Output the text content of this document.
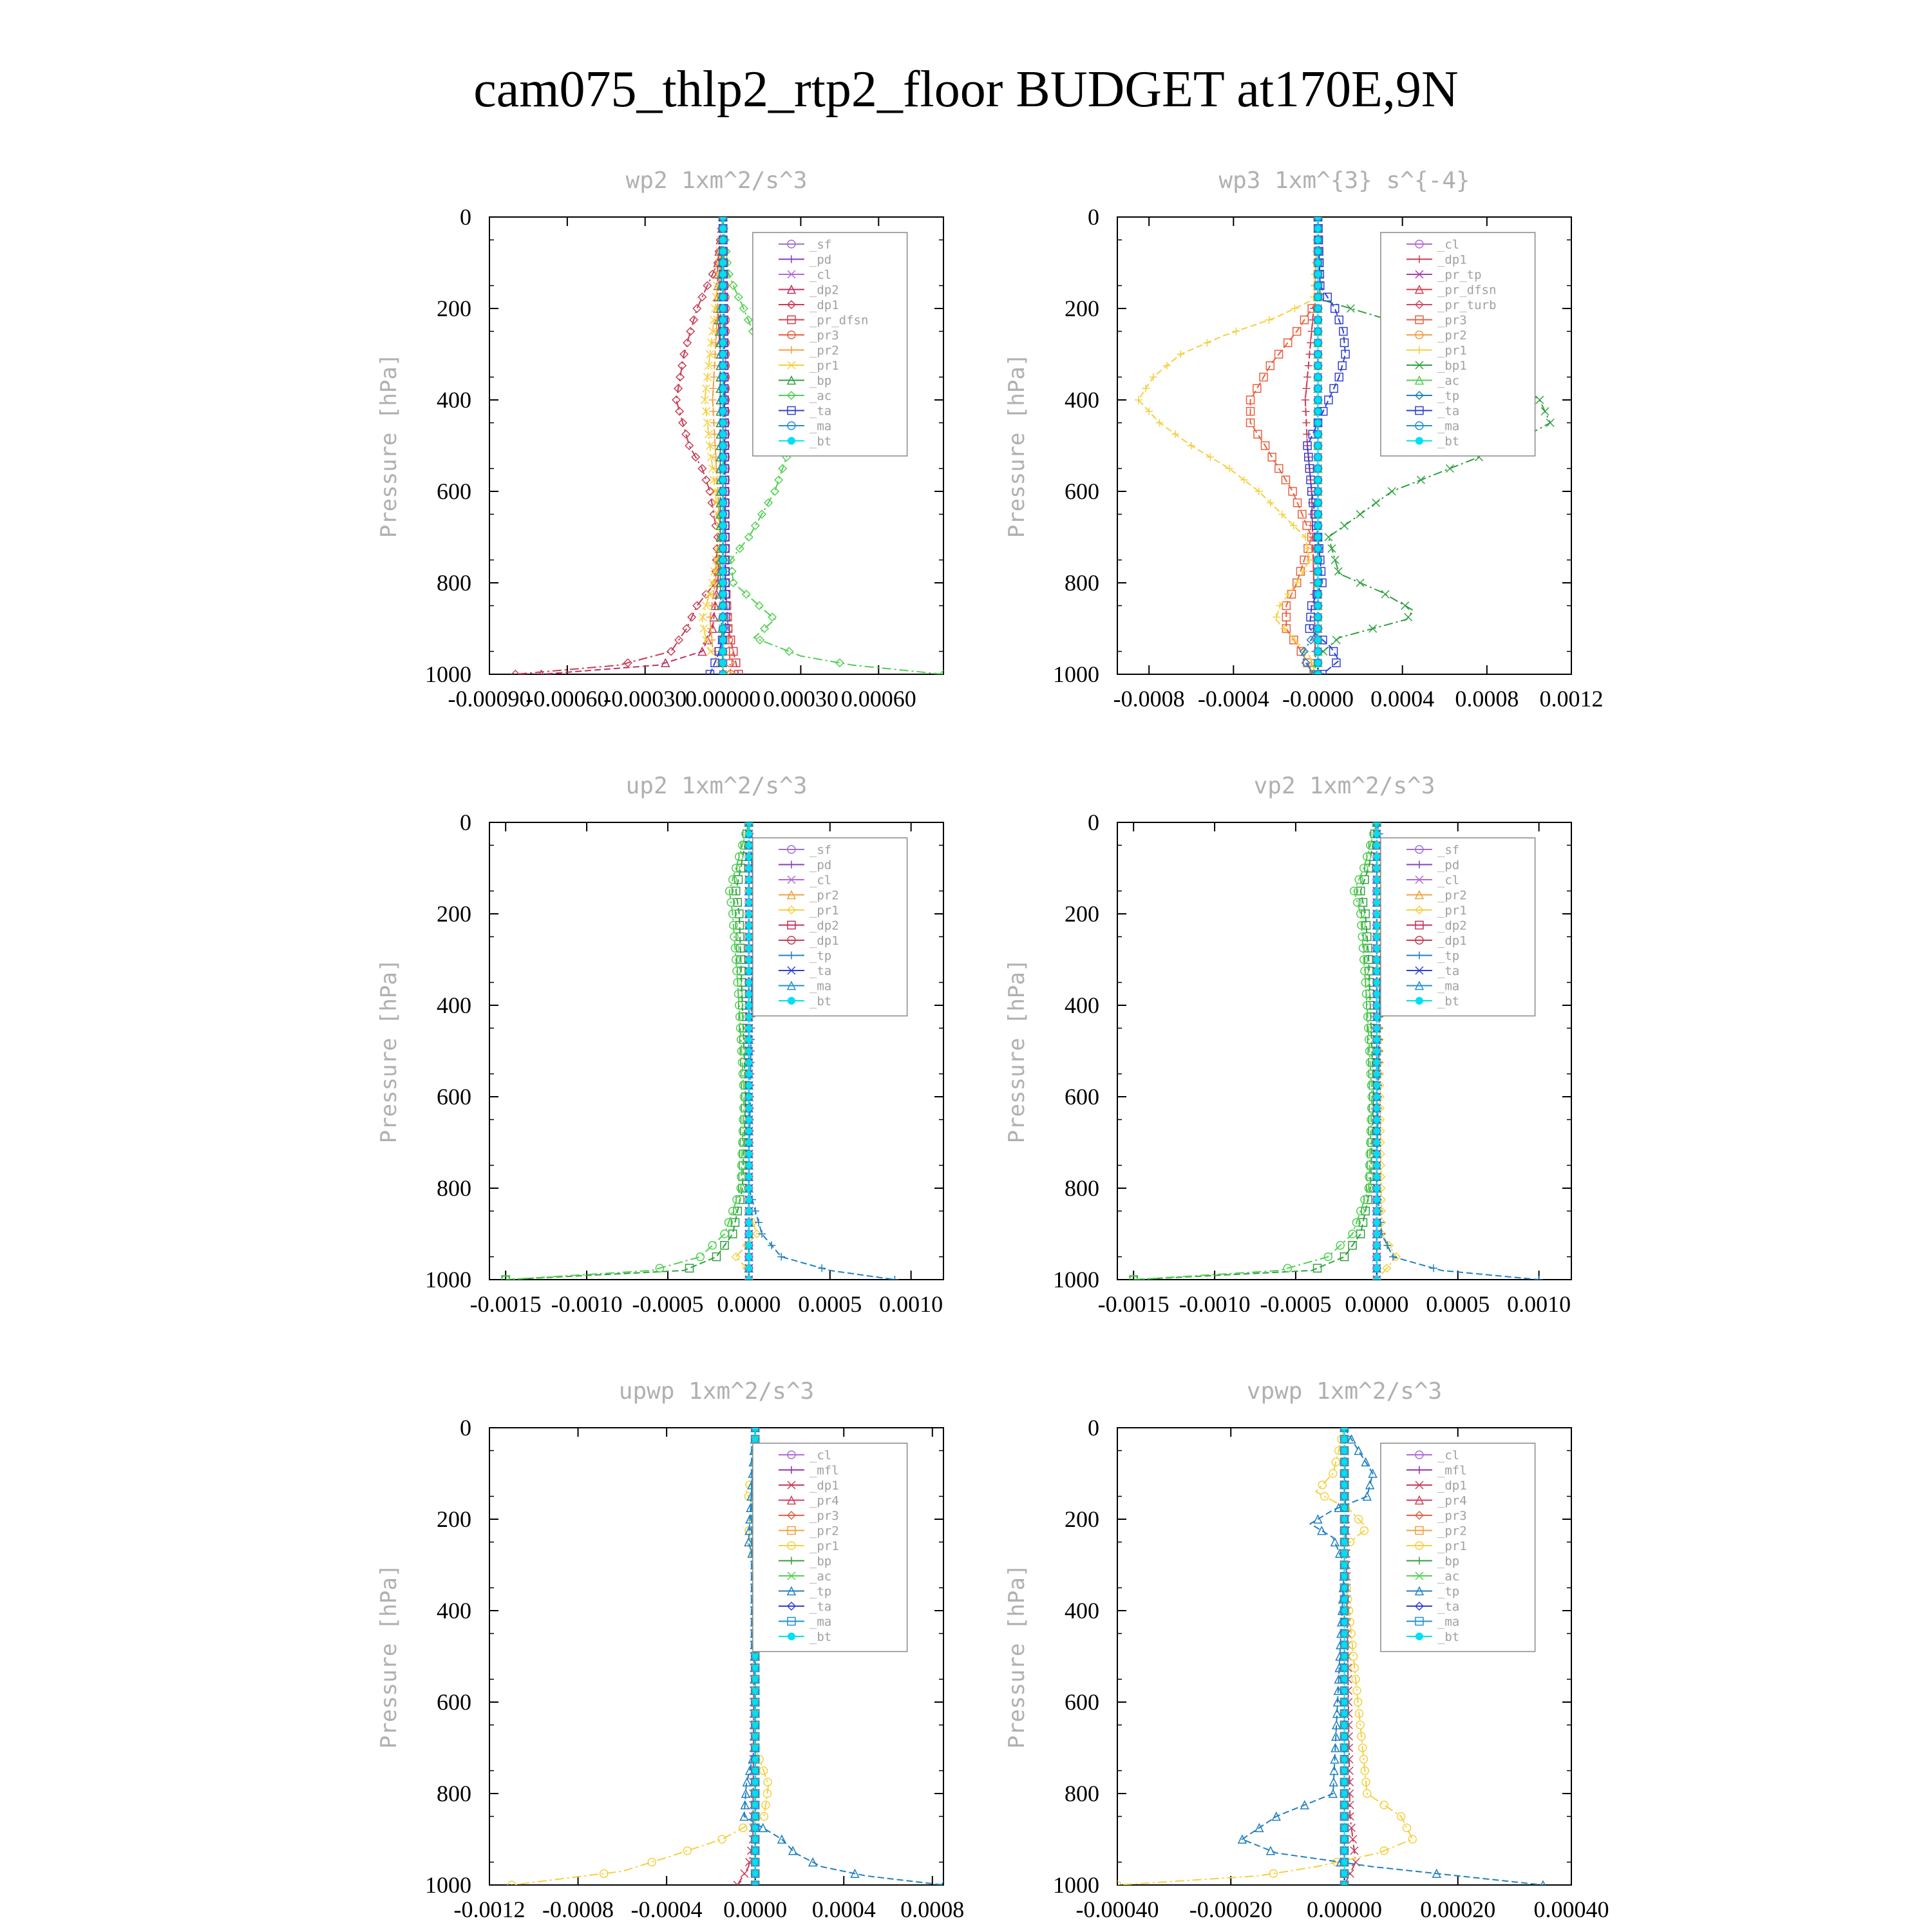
cam075_thlp2_rtp2_floor BUDGET at170E,9N
wp2 1xm^2/s^3
Pressure [hPa]
0
200
400
600
800
1000
-0.00090
-0.00060
-0.00030
0.00000 0.00030 0.00060
_sf
_pd
_cl
_dp2
_dp1
_pr_dfsn
_pr3
_pr2
_pr1
_bp
_ac
_ta
_ma
_bt
wp3 1xm^{3} s^{-4}
Pressure [hPa]
0
200
400
600
800
1000
-0.0008 -0.0004 -0.0000 0.0004 0.0008 0.0012
_cl
_dp1
_pr_tp
_pr_dfsn
_pr_turb
_pr3
_pr2
_pr1
_bp1
_ac
_tp
_ta
_ma
_bt
up2 1xm^2/s^3
Pressure [hPa]
0
200
400
600
800
1000
-0.0015 -0.0010 -0.0005 0.0000 0.0005 0.0010
_sf
_pd
_cl
_pr2
_pr1
_dp2
_dp1
_tp
_ta
_ma
_bt
vp2 1xm^2/s^3
Pressure [hPa]
0
200
400
600
800
1000
-0.0015 -0.0010 -0.0005 0.0000 0.0005 0.0010
_sf
_pd
_cl
_pr2
_pr1
_dp2
_dp1
_tp
_ta
_ma
_bt
upwp 1xm^2/s^3
Pressure [hPa]
0
200
400
600
800
1000
-0.0012 -0.0008 -0.0004 0.0000 0.0004 0.0008
_cl
_mfl
_dp1
_pr4
_pr3
_pr2
_pr1
_bp
_ac
_tp
_ta
_ma
_bt
vpwp 1xm^2/s^3
Pressure [hPa]
0
200
400
600
800
1000
-0.00040 -0.00020 0.00000 0.00020 0.00040
_cl
_mfl
_dp1
_pr4
_pr3
_pr2
_pr1
_bp
_ac
_tp
_ta
_ma
_bt
